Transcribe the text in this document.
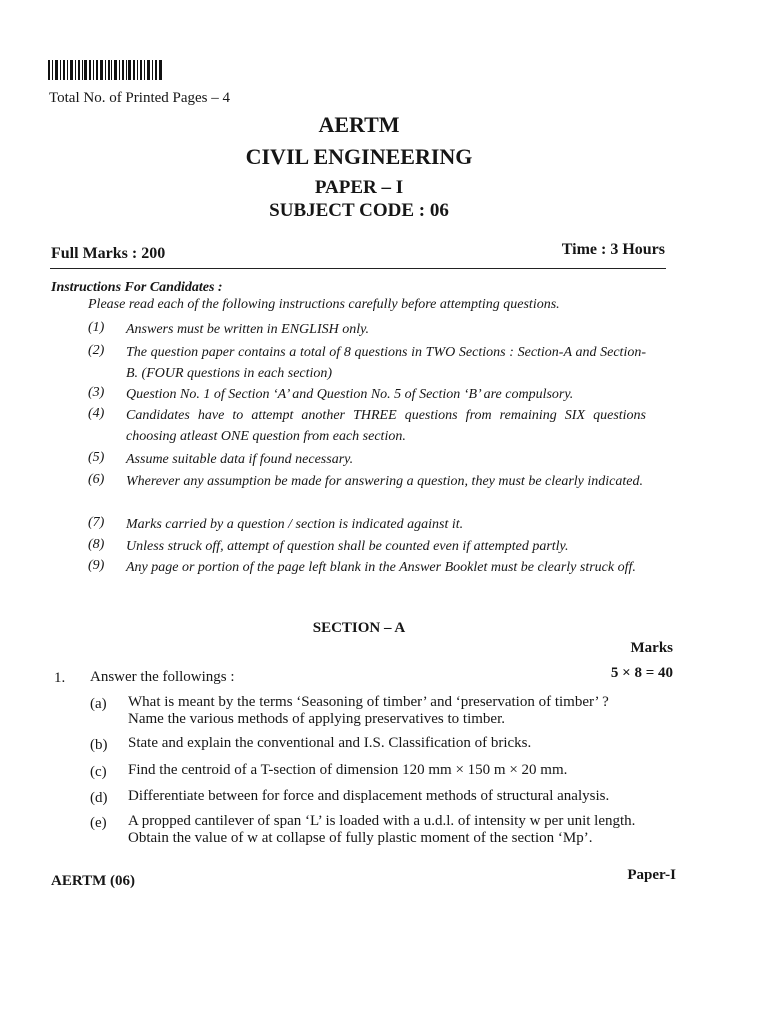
Total No. of Printed Pages – 4
AERTM
CIVIL ENGINEERING
PAPER – I
SUBJECT CODE : 06
Full Marks : 200	Time : 3 Hours
Instructions For Candidates :
Please read each of the following instructions carefully before attempting questions.
(1) Answers must be written in ENGLISH only.
(2) The question paper contains a total of 8 questions in TWO Sections : Section-A and Section-B. (FOUR questions in each section)
(3) Question No. 1 of Section ‘A’ and Question No. 5 of Section ‘B’ are compulsory.
(4) Candidates have to attempt another THREE questions from remaining SIX questions choosing atleast ONE question from each section.
(5) Assume suitable data if found necessary.
(6) Wherever any assumption be made for answering a question, they must be clearly indicated.
(7) Marks carried by a question / section is indicated against it.
(8) Unless struck off, attempt of question shall be counted even if attempted partly.
(9) Any page or portion of the page left blank in the Answer Booklet must be clearly struck off.
SECTION – A
Marks
1. Answer the followings :	5 × 8 = 40
(a) What is meant by the terms ‘Seasoning of timber’ and ‘preservation of timber’ ? Name the various methods of applying preservatives to timber.
(b) State and explain the conventional and I.S. Classification of bricks.
(c) Find the centroid of a T-section of dimension 120 mm × 150 m × 20 mm.
(d) Differentiate between for force and displacement methods of structural analysis.
(e) A propped cantilever of span ‘L’ is loaded with a u.d.l. of intensity w per unit length. Obtain the value of w at collapse of fully plastic moment of the section ‘Mp’.
AERTM (06)	Paper-I
